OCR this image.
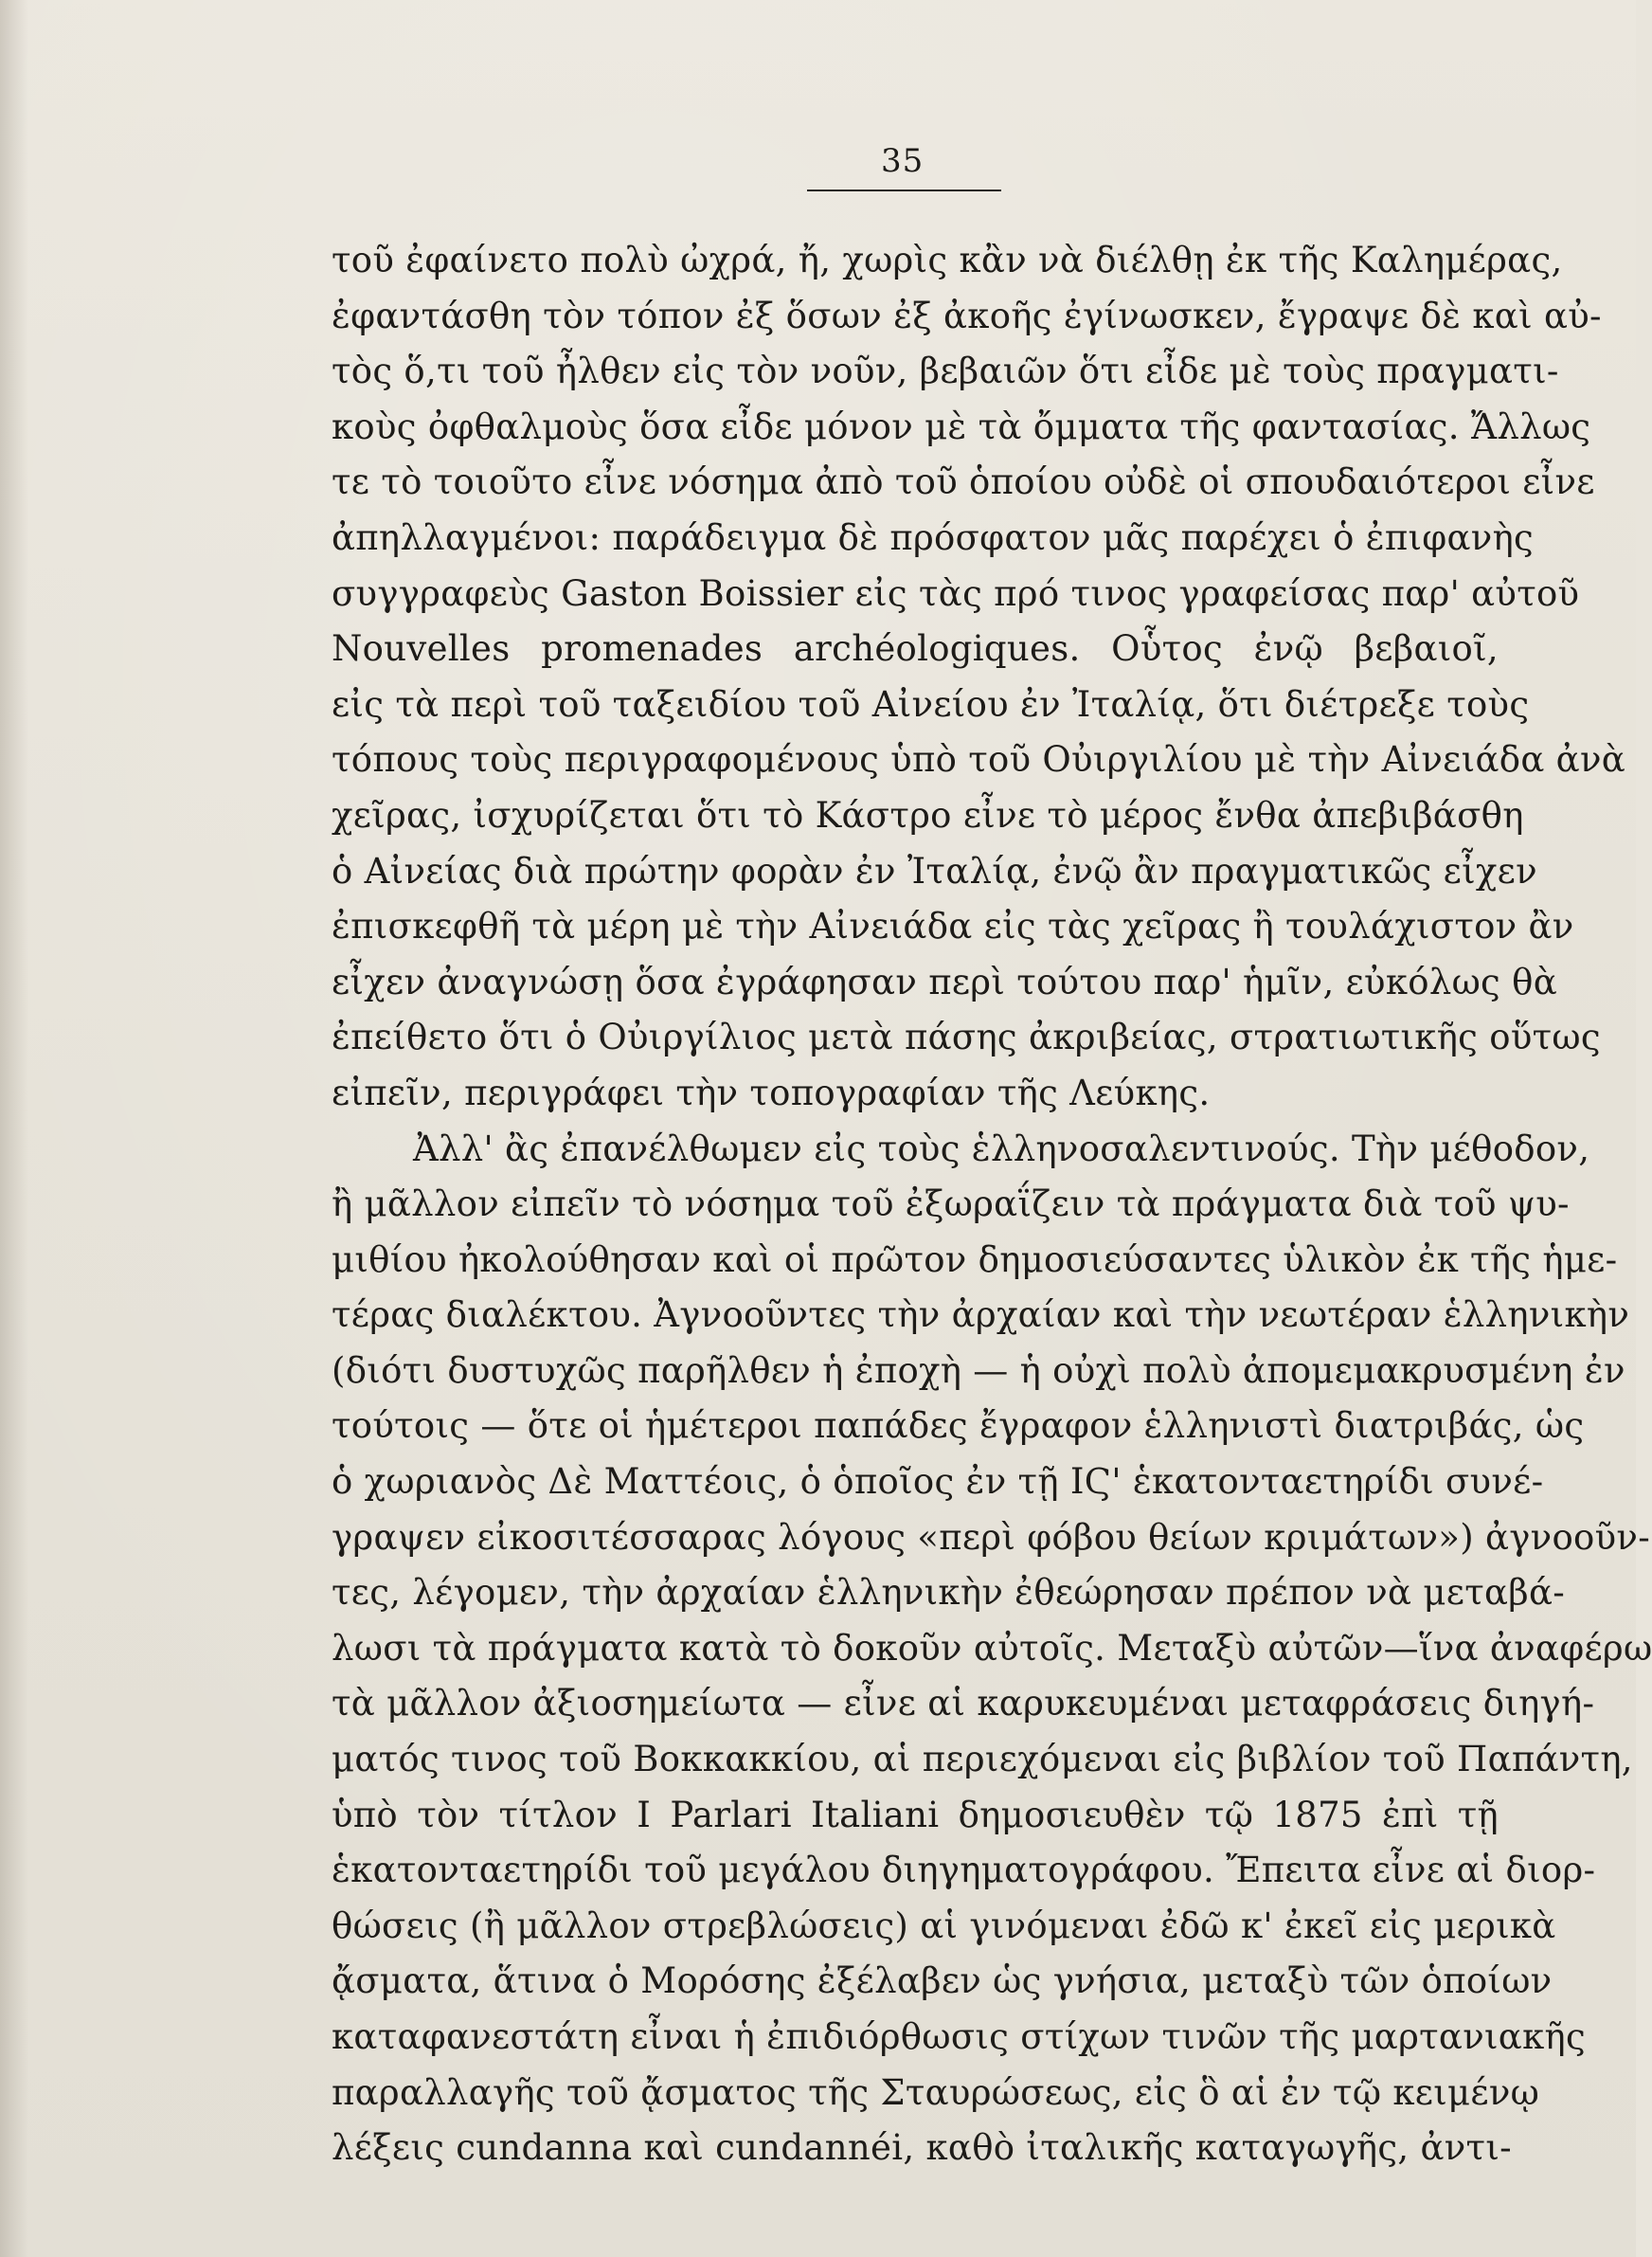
35
τοῦ ἐφαίνετο πολὺ ὠχρά, ἤ, χωρὶς κἂν νὰ διέλθῃ ἐκ τῆς Καλημέρας,
ἐφαντάσθη τὸν τόπον ἐξ ὅσων ἐξ ἀκοῆς ἐγίνωσκεν, ἔγραψε δὲ καὶ αὐ-
τὸς ὅ,τι τοῦ ἦλθεν εἰς τὸν νοῦν, βεβαιῶν ὅτι εἶδε μὲ τοὺς πραγματι-
κοὺς ὀφθαλμοὺς ὅσα εἶδε μόνον μὲ τὰ ὄμματα τῆς φαντασίας. Ἄλλως
τε τὸ τοιοῦτο εἶνε νόσημα ἀπὸ τοῦ ὁποίου οὐδὲ οἱ σπουδαιότεροι εἶνε
ἀπηλλαγμένοι: παράδειγμα δὲ πρόσφατον μᾶς παρέχει ὁ ἐπιφανὴς
συγγραφεὺς Gaston Boissier εἰς τὰς πρό τινος γραφείσας παρ' αὐτοῦ
Nouvelles promenades archéologiques. Οὗτος ἐνῷ βεβαιοῖ,
εἰς τὰ περὶ τοῦ ταξειδίου τοῦ Αἰνείου ἐν Ἰταλίᾳ, ὅτι διέτρεξε τοὺς
τόπους τοὺς περιγραφομένους ὑπὸ τοῦ Οὐιργιλίου μὲ τὴν Αἰνειάδα ἀνὰ
χεῖρας, ἰσχυρίζεται ὅτι τὸ Κάστρο εἶνε τὸ μέρος ἔνθα ἀπεβιβάσθη
ὁ Αἰνείας διὰ πρώτην φορὰν ἐν Ἰταλίᾳ, ἐνῷ ἂν πραγματικῶς εἶχεν
ἐπισκεφθῆ τὰ μέρη μὲ τὴν Αἰνειάδα εἰς τὰς χεῖρας ἢ τουλάχιστον ἂν
εἶχεν ἀναγνώσῃ ὅσα ἐγράφησαν περὶ τούτου παρ' ἡμῖν, εὐκόλως θὰ
ἐπείθετο ὅτι ὁ Οὐιργίλιος μετὰ πάσης ἀκριβείας, στρατιωτικῆς οὕτως
εἰπεῖν, περιγράφει τὴν τοπογραφίαν τῆς Λεύκης.
Ἀλλ' ἂς ἐπανέλθωμεν εἰς τοὺς ἑλληνοσαλεντινούς. Τὴν μέθοδον,
ἢ μᾶλλον εἰπεῖν τὸ νόσημα τοῦ ἐξωραΐζειν τὰ πράγματα διὰ τοῦ ψυ-
μιθίου ἠκολούθησαν καὶ οἱ πρῶτον δημοσιεύσαντες ὑλικὸν ἐκ τῆς ἡμε-
τέρας διαλέκτου. Ἀγνοοῦντες τὴν ἀρχαίαν καὶ τὴν νεωτέραν ἑλληνικὴν
(διότι δυστυχῶς παρῆλθεν ἡ ἐποχὴ — ἡ οὐχὶ πολὺ ἀπομεμακρυσμένη ἐν
τούτοις — ὅτε οἱ ἡμέτεροι παπάδες ἔγραφον ἑλληνιστὶ διατριβάς, ὡς
ὁ χωριανὸς Δὲ Ματτέοις, ὁ ὁποῖος ἐν τῇ ΙϚ' ἑκατονταετηρίδι συνέ-
γραψεν εἰκοσιτέσσαρας λόγους «περὶ φόβου θείων κριμάτων») ἀγνοοῦν-
τες, λέγομεν, τὴν ἀρχαίαν ἑλληνικὴν ἐθεώρησαν πρέπον νὰ μεταβά-
λωσι τὰ πράγματα κατὰ τὸ δοκοῦν αὐτοῖς. Μεταξὺ αὐτῶν—ἵνα ἀναφέρω
τὰ μᾶλλον ἀξιοσημείωτα — εἶνε αἱ καρυκευμέναι μεταφράσεις διηγή-
ματός τινος τοῦ Βοκκακκίου, αἱ περιεχόμεναι εἰς βιβλίον τοῦ Παπάντη,
ὑπὸ τὸν τίτλον I Parlari Italiani δημοσιευθὲν τῷ 1875 ἐπὶ τῇ
ἑκατονταετηρίδι τοῦ μεγάλου διηγηματογράφου. Ἔπειτα εἶνε αἱ διορ-
θώσεις (ἢ μᾶλλον στρεβλώσεις) αἱ γινόμεναι ἐδῶ κ' ἐκεῖ εἰς μερικὰ
ᾄσματα, ἅτινα ὁ Μορόσης ἐξέλαβεν ὡς γνήσια, μεταξὺ τῶν ὁποίων
καταφανεστάτη εἶναι ἡ ἐπιδιόρθωσις στίχων τινῶν τῆς μαρτανιακῆς
παραλλαγῆς τοῦ ᾄσματος τῆς Σταυρώσεως, εἰς ὃ αἱ ἐν τῷ κειμένῳ
λέξεις cundanna καὶ cundannéi, καθὸ ἰταλικῆς καταγωγῆς, ἀντι-
